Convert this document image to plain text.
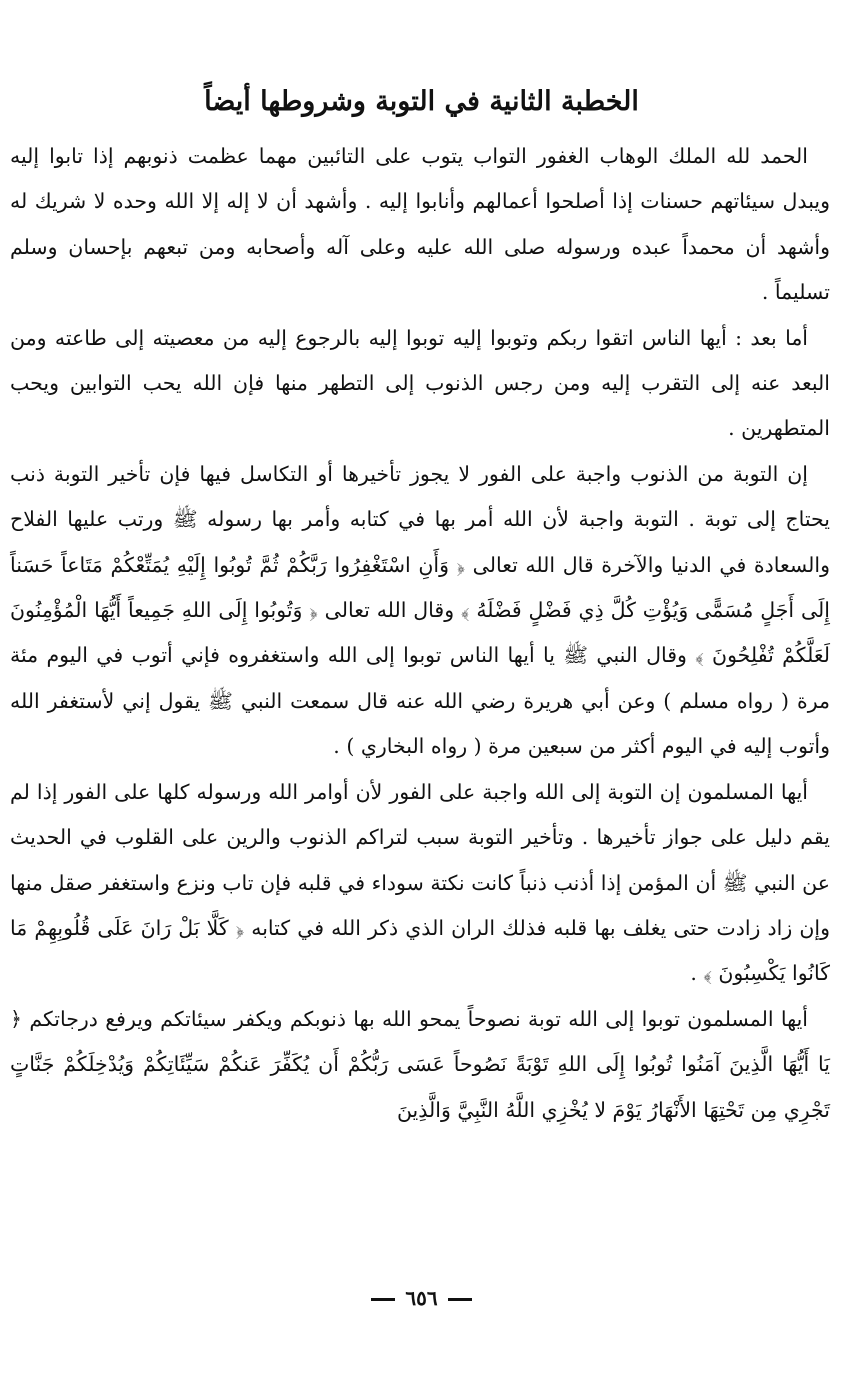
الخطبة الثانية في التوبة وشروطها أيضاً

الحمد لله الملك الوهاب الغفور التواب يتوب على التائبين مهما عظمت ذنوبهم إذا تابوا إليه ويبدل سيئاتهم حسنات إذا أصلحوا أعمالهم وأنابوا إليه . وأشهد أن لا إله إلا الله وحده لا شريك له وأشهد أن محمداً عبده ورسوله صلى الله عليه وعلى آله وأصحابه ومن تبعهم بإحسان وسلم تسليماً .

أما بعد : أيها الناس اتقوا ربكم وتوبوا إليه توبوا إليه بالرجوع إليه من معصيته إلى طاعته ومن البعد عنه إلى التقرب إليه ومن رجس الذنوب إلى التطهر منها فإن الله يحب التوابين ويحب المتطهرين .

إن التوبة من الذنوب واجبة على الفور لا يجوز تأخيرها أو التكاسل فيها فإن تأخير التوبة ذنب يحتاج إلى توبة . التوبة واجبة لأن الله أمر بها في كتابه وأمر بها رسوله ﷺ ورتب عليها الفلاح والسعادة في الدنيا والآخرة قال الله تعالى ﴿ وَأَنِ اسْتَغْفِرُوا رَبَّكُمْ ثُمَّ تُوبُوا إِلَيْهِ يُمَتِّعْكُمْ مَتَاعاً حَسَناً إِلَى أَجَلٍ مُسَمًّى وَيُؤْتِ كُلَّ ذِي فَضْلٍ فَضْلَهُ ﴾ وقال الله تعالى ﴿ وَتُوبُوا إِلَى اللهِ جَمِيعاً أَيُّهَا الْمُؤْمِنُونَ لَعَلَّكُمْ تُفْلِحُونَ ﴾ وقال النبي ﷺ يا أيها الناس توبوا إلى الله واستغفروه فإني أتوب في اليوم مئة مرة ( رواه مسلم ) وعن أبي هريرة رضي الله عنه قال سمعت النبي ﷺ يقول إني لأستغفر الله وأتوب إليه في اليوم أكثر من سبعين مرة ( رواه البخاري ) .

أيها المسلمون إن التوبة إلى الله واجبة على الفور لأن أوامر الله ورسوله كلها على الفور إذا لم يقم دليل على جواز تأخيرها . وتأخير التوبة سبب لتراكم الذنوب والرين على القلوب في الحديث عن النبي ﷺ أن المؤمن إذا أذنب ذنباً كانت نكتة سوداء في قلبه فإن تاب ونزع واستغفر صقل منها وإن زاد زادت حتى يغلف بها قلبه فذلك الران الذي ذكر الله في كتابه ﴿ كَلَّا بَلْ رَانَ عَلَى قُلُوبِهِمْ مَا كَانُوا يَكْسِبُونَ ﴾ .

أيها المسلمون توبوا إلى الله توبة نصوحاً يمحو الله بها ذنوبكم ويكفر سيئاتكم ويرفع درجاتكم ﴿ يَا أَيُّهَا الَّذِينَ آمَنُوا تُوبُوا إِلَى اللهِ تَوْبَةً نَصُوحاً عَسَى رَبُّكُمْ أَن يُكَفِّرَ عَنكُمْ سَيِّئَاتِكُمْ وَيُدْخِلَكُمْ جَنَّاتٍ تَجْرِي مِن تَحْتِهَا الأَنْهَارُ يَوْمَ لا يُخْزِي اللَّهُ النَّبِيَّ وَالَّذِينَ

٦٥٦
